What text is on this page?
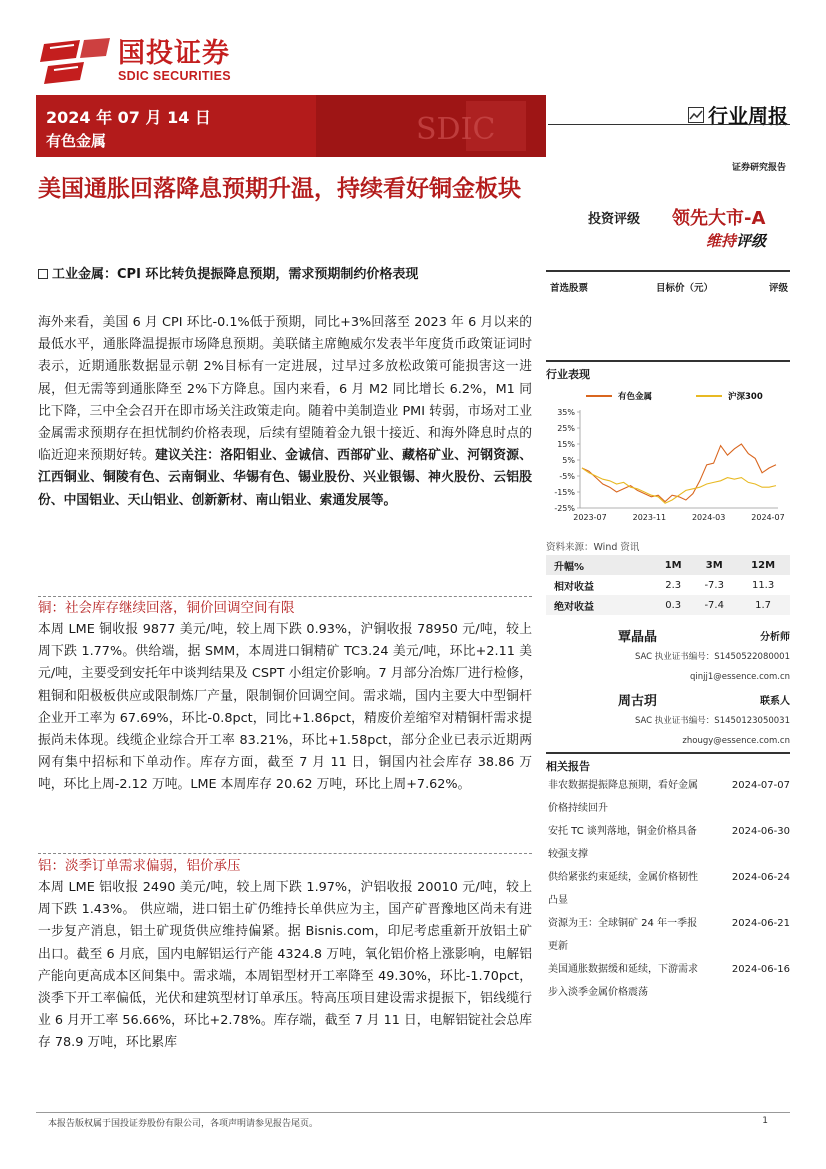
国投证券
SDIC SECURITIES
SDIC
2024 年 07 月 14 日
有色金属
行业周报
证券研究报告
美国通胀回落降息预期升温，持续看好铜金板块
投资评级 领先大市-A
维持评级
工业金属：CPI 环比转负提振降息预期，需求预期制约价格表现
海外来看，美国 6 月 CPI 环比-0.1%低于预期，同比+3%回落至 2023 年 6 月以来的最低水平，通胀降温提振市场降息预期。美联储主席鲍威尔发表半年度货币政策证词时表示，近期通胀数据显示朝 2%目标有一定进展，过早过多放松政策可能损害这一进展，但无需等到通胀降至 2%下方降息。国内来看，6 月 M2 同比增长 6.2%，M1 同比下降，三中全会召开在即市场关注政策走向。随着中美制造业 PMI 转弱，市场对工业金属需求预期存在担忧制约价格表现，后续有望随着金九银十接近、和海外降息时点的临近迎来预期好转。建议关注：洛阳钼业、金诚信、西部矿业、藏格矿业、河钢资源、江西铜业、铜陵有色、云南铜业、华锡有色、锡业股份、兴业银锡、神火股份、云铝股份、中国铝业、天山铝业、创新新材、南山铝业、索通发展等。
铜：社会库存继续回落，铜价回调空间有限
本周 LME 铜收报 9877 美元/吨，较上周下跌 0.93%，沪铜收报 78950 元/吨，较上周下跌 1.77%。供给端，据 SMM，本周进口铜精矿 TC3.24 美元/吨，环比+2.11 美元/吨，主要受到安托年中谈判结果及 CSPT 小组定价影响。7 月部分冶炼厂进行检修，粗铜和阳极板供应或限制炼厂产量，限制铜价回调空间。需求端，国内主要大中型铜杆企业开工率为 67.69%，环比-0.8pct，同比+1.86pct，精废价差缩窄对精铜杆需求提振尚未体现。线缆企业综合开工率 83.21%，环比+1.58pct，部分企业已表示近期两网有集中招标和下单动作。库存方面，截至 7 月 11 日，铜国内社会库存 38.86 万吨，环比上周-2.12 万吨。LME 本周库存 20.62 万吨，环比上周+7.62%。
铝：淡季订单需求偏弱，铝价承压
本周 LME 铝收报 2490 美元/吨，较上周下跌 1.97%，沪铝收报 20010 元/吨，较上周下跌 1.43%。 供应端，进口铝土矿仍维持长单供应为主，国产矿晋豫地区尚未有进一步复产消息，铝土矿现货供应维持偏紧。据 Bisnis.com，印尼考虑重新开放铝土矿出口。截至 6 月底，国内电解铝运行产能 4324.8 万吨，氧化铝价格上涨影响，电解铝产能向更高成本区间集中。需求端，本周铝型材开工率降至 49.30%，环比-1.70pct，淡季下开工率偏低，光伏和建筑型材订单承压。特高压项目建设需求提振下，铝线缆行业 6 月开工率 56.66%，环比+2.78%。库存端，截至 7 月 11 日，电解铝锭社会总库存 78.9 万吨，环比累库
首选股票	目标价（元）	评级
行业表现
有色金属	沪深300
35%
25%
15%
5%
-5%
-15%
-25%
2023-07	2023-11	2024-03	2024-07
资料来源：Wind 资讯
升幅%	1M	3M	12M
相对收益	2.3	-7.3	11.3
绝对收益	0.3	-7.4	1.7
覃晶晶	分析师
SAC 执业证书编号：S1450522080001
qinjj1@essence.com.cn
周古玥	联系人
SAC 执业证书编号：S1450123050031
zhougy@essence.com.cn
相关报告
非农数据提振降息预期，看好金属价格持续回升
2024-07-07
安托 TC 谈判落地，铜金价格具备较强支撑
2024-06-30
供给紧张约束延续，金属价格韧性凸显
2024-06-24
资源为王：全球铜矿 24 年一季报更新
2024-06-21
美国通胀数据缓和延续，下游需求步入淡季金属价格震荡
2024-06-16
本报告版权属于国投证券股份有限公司，各项声明请参见报告尾页。	1
